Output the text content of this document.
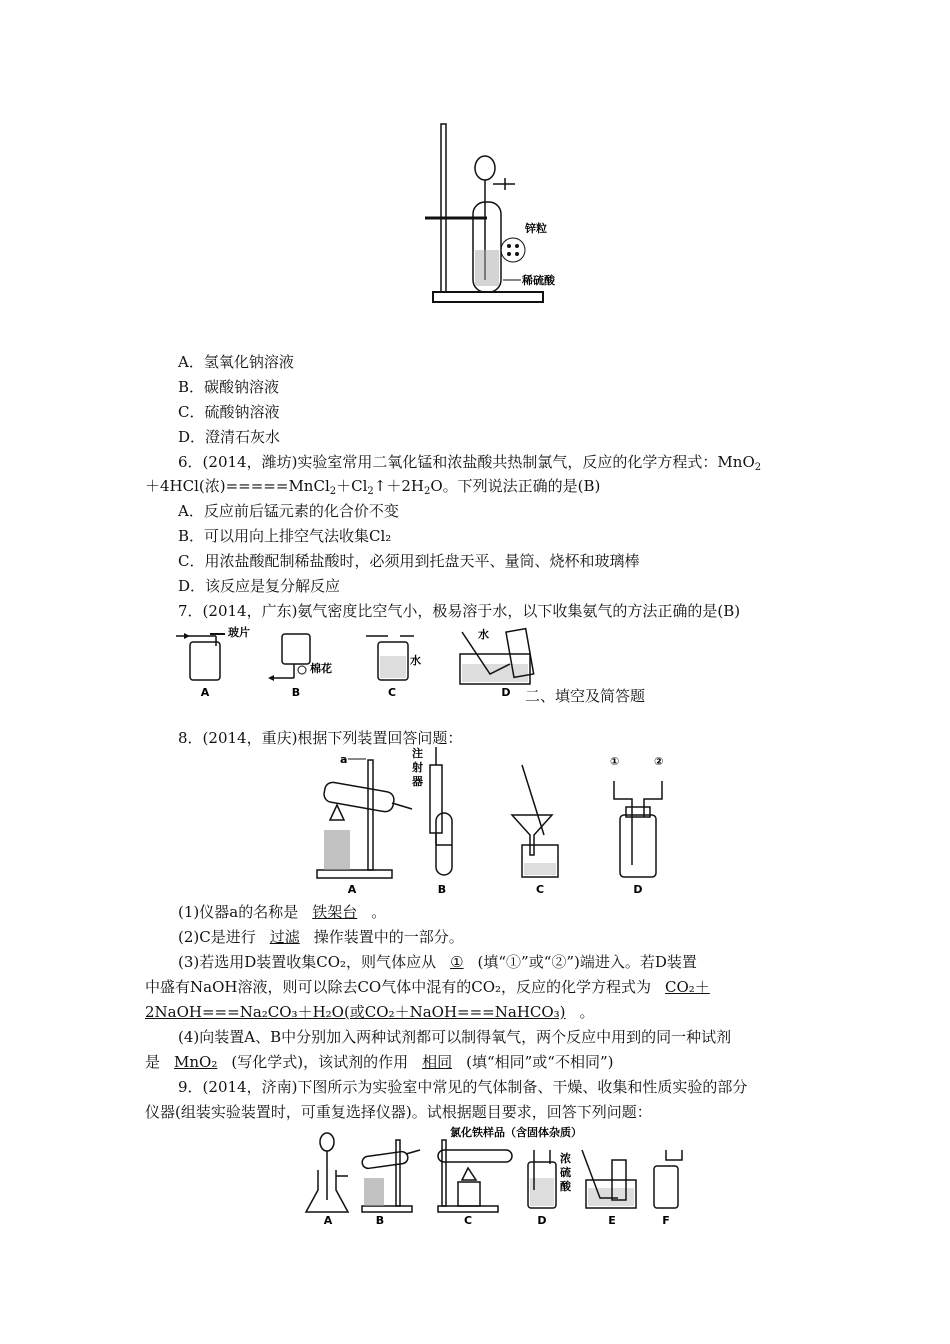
锌粒
稀硫酸
A．氢氧化钠溶液
B．碳酸钠溶液
C．硫酸钠溶液
D．澄清石灰水
6．(2014，潍坊)实验室常用二氧化锰和浓盐酸共热制氯气，反应的化学方程式：MnO$_2$
＋4HCl(浓)$=====MnCl_2+Cl_2↑+2H_2O$。下列说法正确的是(B)
A．反应前后锰元素的化合价不变
B．可以用向上排空气法收集Cl₂
C．用浓盐酸配制稀盐酸时，必须用到托盘天平、量筒、烧杯和玻璃棒
D．该反应是复分解反应
7．(2014，广东)氨气密度比空气小，极易溶于水，以下收集氨气的方法正确的是(B)
玻片
A
棉花
B
水
C
水
D 二、填空及简答题
8．(2014，重庆)根据下列装置回答问题：
a
A
注
射
器
B	C
①	②
D
(1)仪器a的名称是 铁架台 。
(2)C是进行 过滤 操作装置中的一部分。
(3)若选用D装置收集CO₂，则气体应从 ① (填“①”或“②”)端进入。若D装置
中盛有NaOH溶液，则可以除去CO气体中混有的CO₂，反应的化学方程式为 CO₂＋
2NaOH===Na₂CO₃＋H₂O(或CO₂＋NaOH===NaHCO₃) 。
(4)向装置A、B中分别加入两种试剂都可以制得氧气，两个反应中用到的同一种试剂
是 MnO₂ (写化学式)，该试剂的作用 相同 (填“相同”或“不相同”)
9．(2014，济南)下图所示为实验室中常见的气体制备、干燥、收集和性质实验的部分
仪器(组装实验装置时，可重复选择仪器)。试根据题目要求，回答下列问题：
A	B
氯化铁样品（含固体杂质）
C
浓
硫
酸
D	E	F
